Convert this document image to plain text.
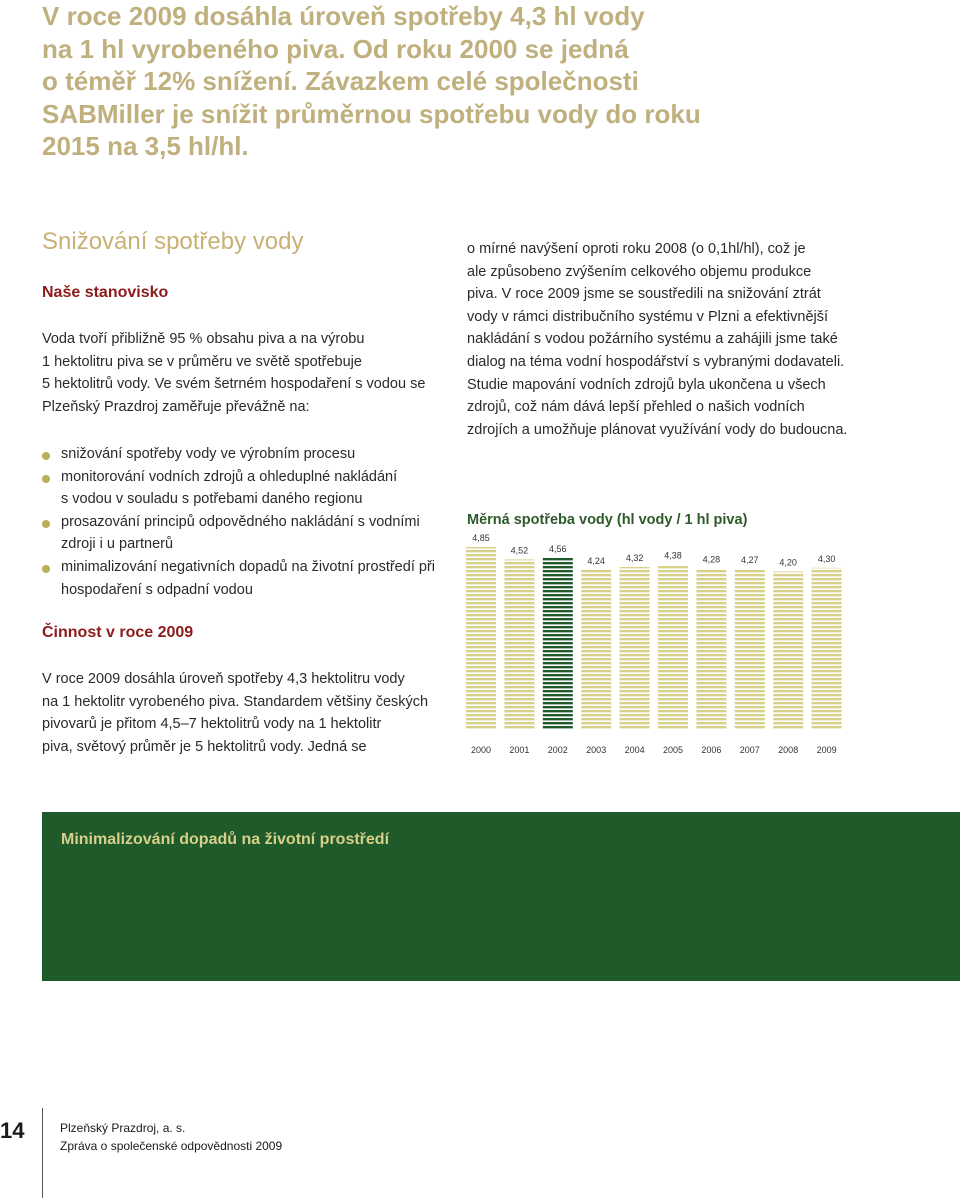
V roce 2009 dosáhla úroveň spotřeby 4,3 hl vody
na 1 hl vyrobeného piva. Od roku 2000 se jedná
o téměř 12% snížení. Závazkem celé společnosti
SABMiller je snížit průměrnou spotřebu vody do roku
2015 na 3,5 hl/hl.
Snižování spotřeby vody
Naše stanovisko
Voda tvoří přibližně 95 % obsahu piva a na výrobu
1 hektolitru piva se v průměru ve světě spotřebuje
5 hektolitrů vody. Ve svém šetrném hospodaření s vodou se
Plzeňský Prazdroj zaměřuje převážně na:
snižování spotřeby vody ve výrobním procesu
monitorování vodních zdrojů a ohleduplné nakládání
s vodou v souladu s potřebami daného regionu
prosazování principů odpovědného nakládání s vodními
zdroji i u partnerů
minimalizování negativních dopadů na životní prostředí při
hospodaření s odpadní vodou
Činnost v roce 2009
V roce 2009 dosáhla úroveň spotřeby 4,3 hektolitru vody
na 1 hektolitr vyrobeného piva. Standardem většiny českých
pivovarů je přitom 4,5–7 hektolitrů vody na 1 hektolitr
piva, světový průměr je 5 hektolitrů vody. Jedná se
o mírné navýšení oproti roku 2008 (o 0,1hl/hl), což je
ale způsobeno zvýšením celkového objemu produkce
piva. V roce 2009 jsme se soustředili na snižování ztrát
vody v rámci distribučního systému v Plzni a efektivnější
nakládání s vodou požárního systému a zahájili jsme také
dialog na téma vodní hospodářství s vybranými dodavateli.
Studie mapování vodních zdrojů byla ukončena u všech
zdrojů, což nám dává lepší přehled o našich vodních
zdrojích a umožňuje plánovat využívání vody do budoucna.
Měrná spotřeba vody (hl vody / 1 hl piva)
4,85
2000
4,52
2001
4,56
2002
4,24
2003
4,32
2004
4,38
2005
4,28
2006
4,27
2007
4,20
2008
4,30
2009
Minimalizování dopadů na životní prostředí
14	Plzeňský Prazdroj, a. s.
Zpráva o společenské odpovědnosti 2009
